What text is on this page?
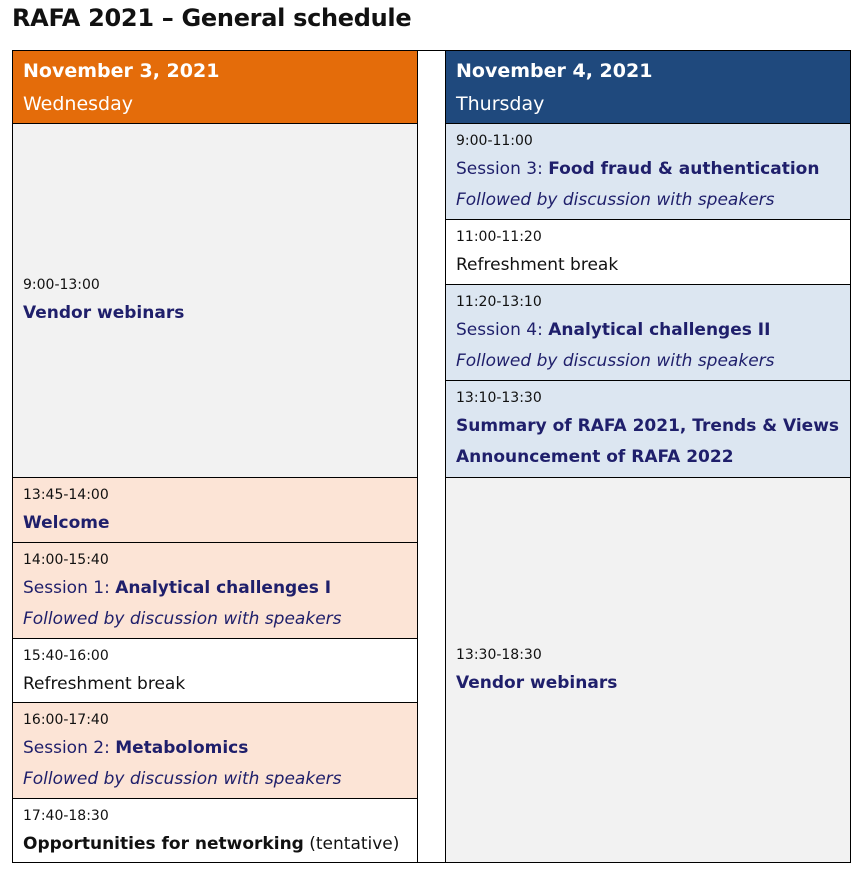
RAFA 2021 – General schedule
November 3, 2021
Wednesday
9:00-13:00
Vendor webinars
13:45-14:00
Welcome
14:00-15:40
Session 1: Analytical challenges I
Followed by discussion with speakers
15:40-16:00
Refreshment break
16:00-17:40
Session 2: Metabolomics
Followed by discussion with speakers
17:40-18:30
Opportunities for networking (tentative)
November 4, 2021
Thursday
9:00-11:00
Session 3: Food fraud & authentication
Followed by discussion with speakers
11:00-11:20
Refreshment break
11:20-13:10
Session 4: Analytical challenges II
Followed by discussion with speakers
13:10-13:30
Summary of RAFA 2021, Trends & Views
Announcement of RAFA 2022
13:30-18:30
Vendor webinars
